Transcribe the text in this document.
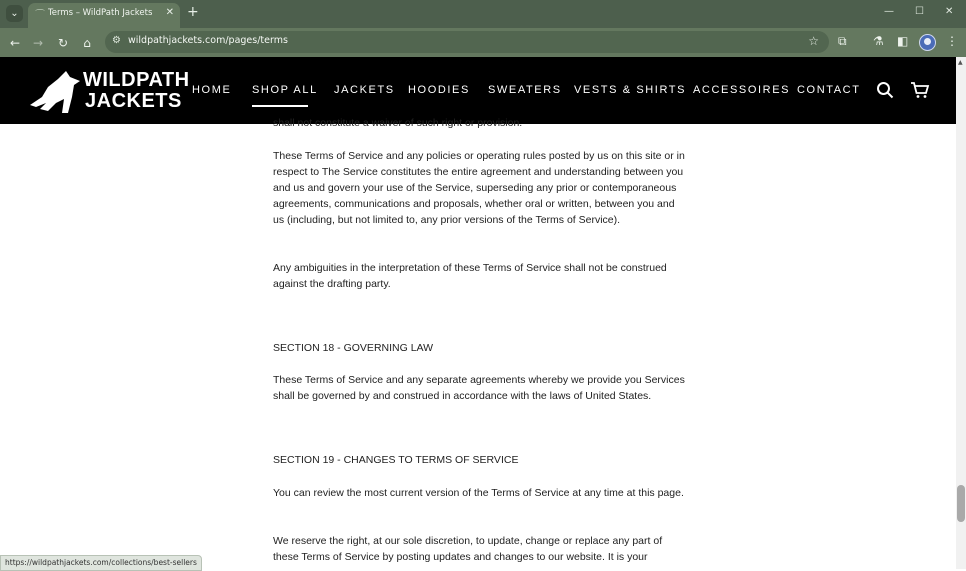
⌄	⌒ Terms – WildPath Jackets ✕ +	— ☐ ✕
←	→	↻	⌂	⚙ wildpathjackets.com/pages/terms	☆ ⧉ ⚗ ◧	⋮
WILDPATH
JACKETS HOME SHOP ALL JACKETS HOODIES SWEATERS VESTS & SHIRTS ACCESSOIRES CONTACT
shall not constitute a waiver of such right or provision.

These Terms of Service and any policies or operating rules posted by us on this site or in respect to The Service constitutes the entire agreement and understanding between you and us and govern your use of the Service, superseding any prior or contemporaneous agreements, communications and proposals, whether oral or written, between you and us (including, but not limited to, any prior versions of the Terms of Service).

Any ambiguities in the interpretation of these Terms of Service shall not be construed against the drafting party.

SECTION 18 - GOVERNING LAW

These Terms of Service and any separate agreements whereby we provide you Services shall be governed by and construed in accordance with the laws of United States.

SECTION 19 - CHANGES TO TERMS OF SERVICE

You can review the most current version of the Terms of Service at any time at this page.

We reserve the right, at our sole discretion, to update, change or replace any part of these Terms of Service by posting updates and changes to our website. It is your

▲
https://wildpathjackets.com/collections/best-sellers
